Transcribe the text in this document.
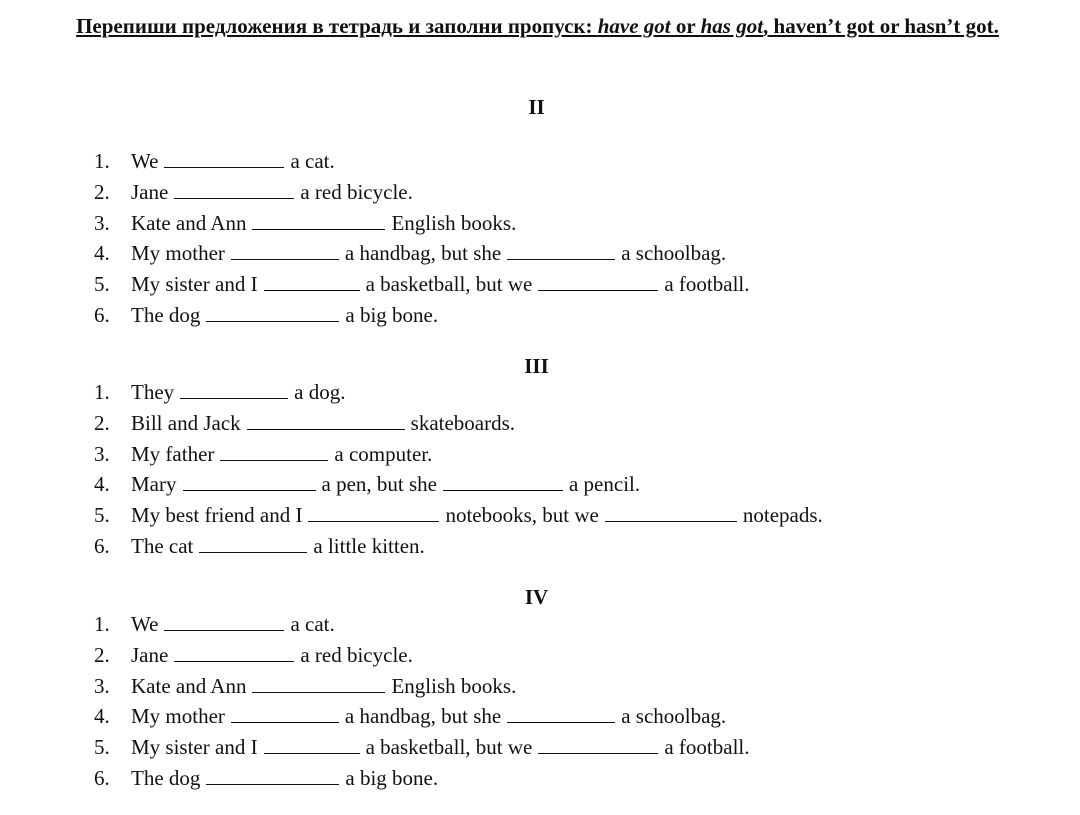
Перепиши предложения в тетрадь и заполни пропуск: have got or has got, haven’t got or hasn’t got.
II
1.	We	a cat.
2.	Jane	a red bicycle.
3.	Kate and Ann	English books.
4.	My mother	a handbag, but she	a schoolbag.
5.	My sister and I	a basketball, but we	a football.
6.	The dog	a big bone.
III
1.	They	a dog.
2.	Bill and Jack	skateboards.
3.	My father	a computer.
4.	Mary	a pen, but she	a pencil.
5.	My best friend and I	notebooks, but we	notepads.
6.	The cat	a little kitten.
IV
1.	We	a cat.
2.	Jane	a red bicycle.
3.	Kate and Ann	English books.
4.	My mother	a handbag, but she	a schoolbag.
5.	My sister and I	a basketball, but we	a football.
6.	The dog	a big bone.
